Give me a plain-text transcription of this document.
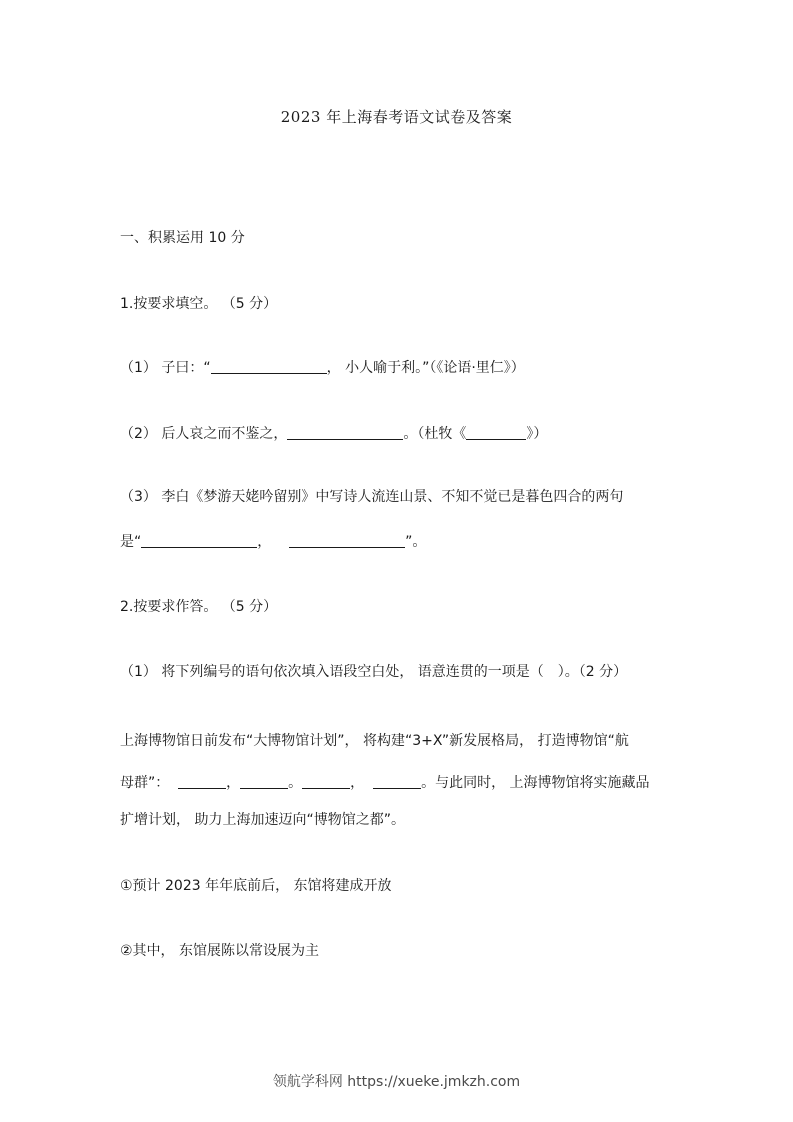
2023 年上海春考语文试卷及答案
一、积累运用 10 分
1.按要求填空。 （5 分）
（1） 子曰：“	， 小人喻于利。”（《论语·里仁》）
（2） 后人哀之而不鉴之，	。（杜牧《	》）
（3） 李白《梦游天姥吟留别》中写诗人流连山景、不知不觉已是暮色四合的两句
是“	，	”。
2.按要求作答。 （5 分）
（1） 将下列编号的语句依次填入语段空白处， 语意连贯的一项是（　）。（2 分）
上海博物馆日前发布“大博物馆计划”， 将构建“3+X”新发展格局， 打造博物馆“航
母群”：	，	。	，	。与此同时， 上海博物馆将实施藏品
扩增计划， 助力上海加速迈向“博物馆之都”。
①预计 2023 年年底前后， 东馆将建成开放
②其中， 东馆展陈以常设展为主
领航学科网 https://xueke.jmkzh.com
